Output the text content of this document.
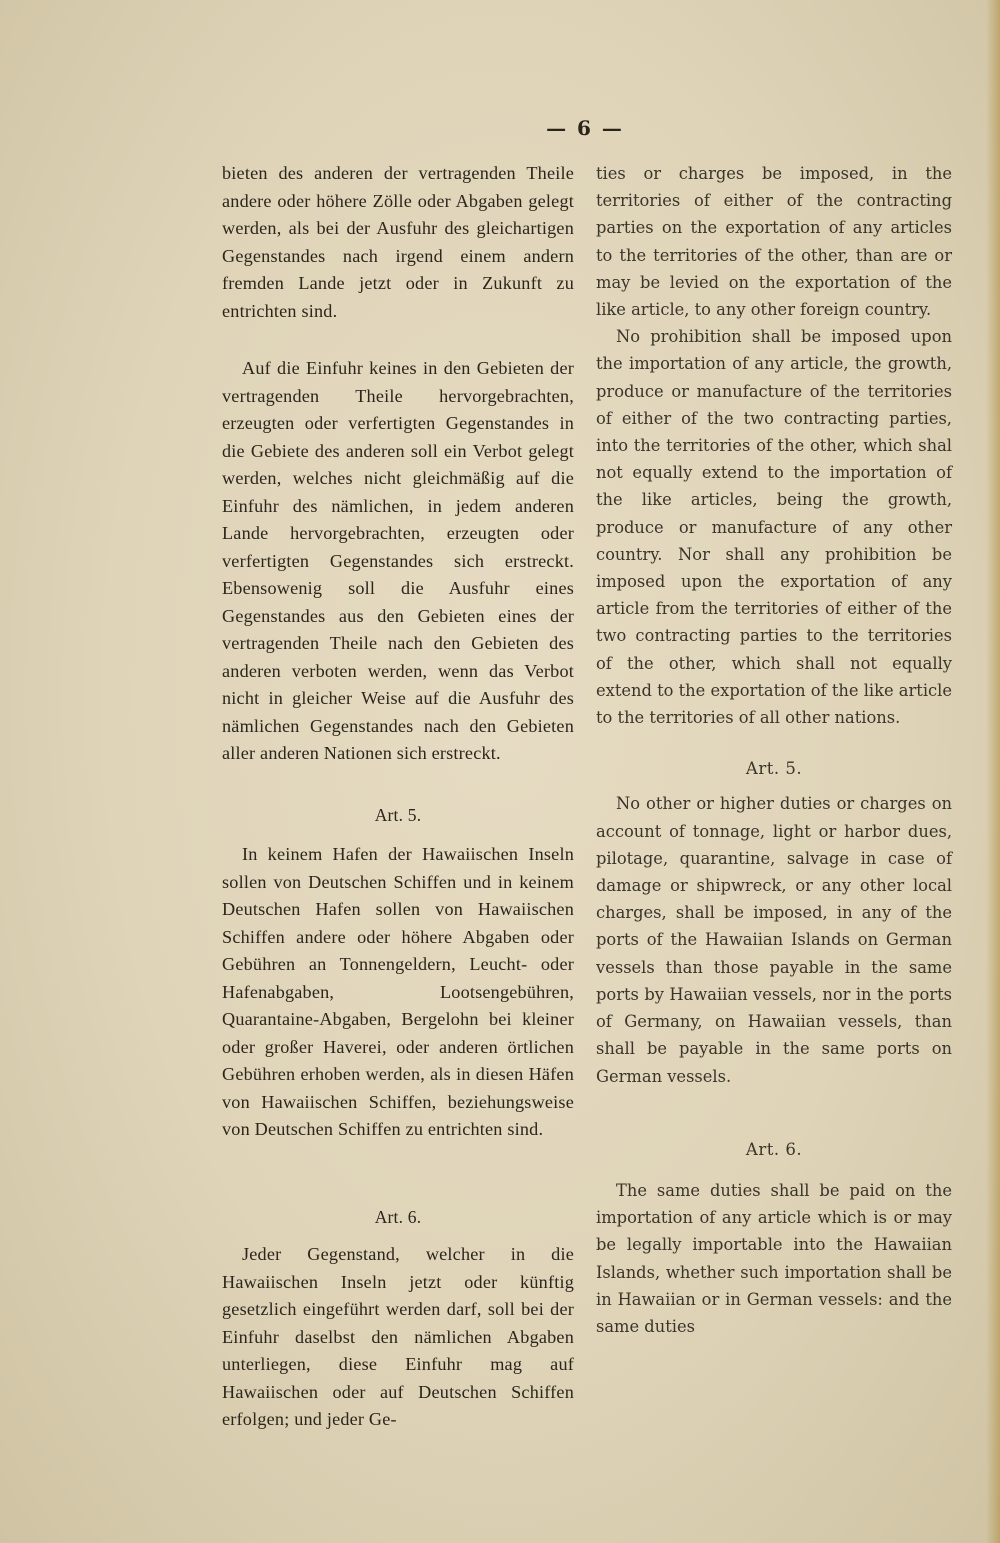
— 6 —

bieten des anderen der vertragenden Theile andere oder höhere Zölle oder Abgaben gelegt werden, als bei der Ausfuhr des gleichartigen Gegenstandes nach irgend einem andern fremden Lande jetzt oder in Zukunft zu entrichten sind.

Auf die Einfuhr keines in den Gebieten der vertragenden Theile hervorgebrachten, erzeugten oder verfertigten Gegenstandes in die Gebiete des anderen soll ein Verbot gelegt werden, welches nicht gleichmäßig auf die Einfuhr des nämlichen, in jedem anderen Lande hervorgebrachten, erzeugten oder verfertigten Gegenstandes sich erstreckt. Ebensowenig soll die Ausfuhr eines Gegenstandes aus den Gebieten eines der vertragenden Theile nach den Gebieten des anderen verboten werden, wenn das Verbot nicht in gleicher Weise auf die Ausfuhr des nämlichen Gegenstandes nach den Gebieten aller anderen Nationen sich erstreckt.

Art. 5.

In keinem Hafen der Hawaiischen Inseln sollen von Deutschen Schiffen und in keinem Deutschen Hafen sollen von Hawaiischen Schiffen andere oder höhere Abgaben oder Gebühren an Tonnengeldern, Leucht- oder Hafenabgaben, Lootsengebühren, Quarantaine-Abgaben, Bergelohn bei kleiner oder großer Haverei, oder anderen örtlichen Gebühren erhoben werden, als in diesen Häfen von Hawaiischen Schiffen, beziehungsweise von Deutschen Schiffen zu entrichten sind.

Art. 6.

Jeder Gegenstand, welcher in die Hawaiischen Inseln jetzt oder künftig gesetzlich eingeführt werden darf, soll bei der Einfuhr daselbst den nämlichen Abgaben unterliegen, diese Einfuhr mag auf Hawaiischen oder auf Deutschen Schiffen erfolgen; und jeder Ge-

ties or charges be imposed, in the territories of either of the contracting parties on the exportation of any articles to the territories of the other, than are or may be levied on the exportation of the like article, to any other foreign country.

No prohibition shall be imposed upon the importation of any article, the growth, produce or manufacture of the territories of either of the two contracting parties, into the territories of the other, which shal not equally extend to the importation of the like articles, being the growth, produce or manufacture of any other country. Nor shall any prohibition be imposed upon the exportation of any article from the territories of either of the two contracting parties to the territories of the other, which shall not equally extend to the exportation of the like article to the territories of all other nations.

Art. 5.

No other or higher duties or charges on account of tonnage, light or harbor dues, pilotage, quarantine, salvage in case of damage or shipwreck, or any other local charges, shall be imposed, in any of the ports of the Hawaiian Islands on German vessels than those payable in the same ports by Hawaiian vessels, nor in the ports of Germany, on Hawaiian vessels, than shall be payable in the same ports on German vessels.

Art. 6.

The same duties shall be paid on the importation of any article which is or may be legally importable into the Hawaiian Islands, whether such importation shall be in Hawaiian or in German vessels: and the same duties
